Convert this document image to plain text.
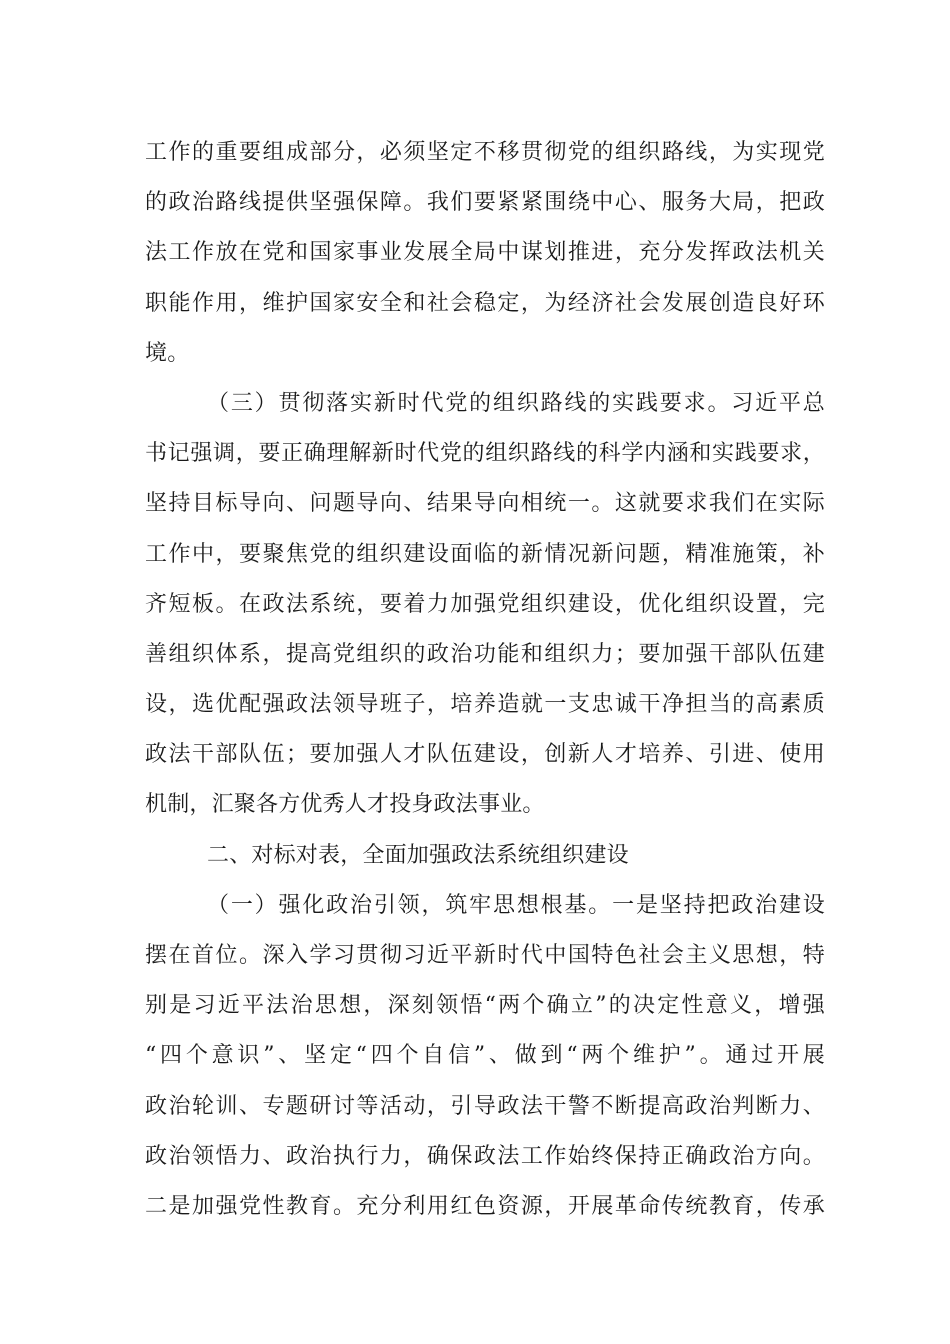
工作的重要组成部分，必须坚定不移贯彻党的组织路线，为实现党
的政治路线提供坚强保障。我们要紧紧围绕中心、服务大局，把政
法工作放在党和国家事业发展全局中谋划推进，充分发挥政法机关
职能作用，维护国家安全和社会稳定，为经济社会发展创造良好环
境。
（三）贯彻落实新时代党的组织路线的实践要求。习近平总
书记强调，要正确理解新时代党的组织路线的科学内涵和实践要求，
坚持目标导向、问题导向、结果导向相统一。这就要求我们在实际
工作中，要聚焦党的组织建设面临的新情况新问题，精准施策，补
齐短板。在政法系统，要着力加强党组织建设，优化组织设置，完
善组织体系，提高党组织的政治功能和组织力；要加强干部队伍建
设，选优配强政法领导班子，培养造就一支忠诚干净担当的高素质
政法干部队伍；要加强人才队伍建设，创新人才培养、引进、使用
机制，汇聚各方优秀人才投身政法事业。
二、对标对表，全面加强政法系统组织建设
（一）强化政治引领，筑牢思想根基。一是坚持把政治建设
摆在首位。深入学习贯彻习近平新时代中国特色社会主义思想，特
别是习近平法治思想，深刻领悟“两个确立”的决定性意义，增强
“四个意识”、坚定“四个自信”、做到“两个维护”。通过开展
政治轮训、专题研讨等活动，引导政法干警不断提高政治判断力、
政治领悟力、政治执行力，确保政法工作始终保持正确政治方向。
二是加强党性教育。充分利用红色资源，开展革命传统教育，传承
